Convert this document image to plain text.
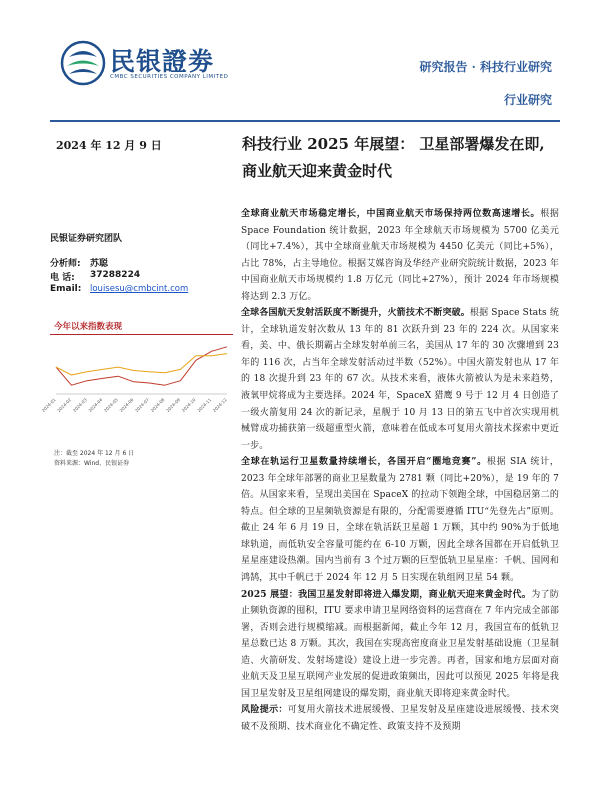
民银證劵
CMBC SECURITIES COMPANY LIMITED
研究报告 · 科技行业研究
行业研究
2024 年 12 月 9 日	科技行业 2025 年展望： 卫星部署爆发在即,
商业航天迎来黄金时代
民银证券研究团队
分析师:	苏聪
电 话:	37288224
Email:	louisesu@cmbcint.com
今年以来指数表现
2024-01 2024-02 2024-03 2024-04 2024-05 2024-06 2024-07 2024-08 2024-09 2024-10 2024-11 2024-12
注：截至 2024 年 12 月 6 日
资料来源：Wind、民银证券

全球商业航天市场稳定增长，中国商业航天市场保持两位数高速增长。根据 Space Foundation 统计数据，2023 年全球航天市场规模为 5700 亿美元（同比+7.4%），其中全球商业航天市场规模为 4450 亿美元（同比+5%），占比 78%，占主导地位。根据艾媒咨询及华经产业研究院统计数据，2023 年中国商业航天市场规模约 1.8 万亿元（同比+27%），预计 2024 年市场规模将达到 2.3 万亿。

全球各国航天发射活跃度不断提升，火箭技术不断突破。根据 Space Stats 统计，全球轨道发射次数从 13 年的 81 次跃升到 23 年的 224 次。从国家来看，美、中、俄长期霸占全球发射单前三名，美国从 17 年的 30 次骤增到 23 年的 116 次，占当年全球发射活动过半数（52%）。中国火箭发射也从 17 年的 18 次提升到 23 年的 67 次。从技术来看，液体火箭被认为是未来趋势，液氧甲烷将成为主要选择。2024 年，SpaceX 猎鹰 9 号于 12 月 4 日创造了一级火箭复用 24 次的新记录，星舰于 10 月 13 日的第五飞中首次实现用机械臂成功捕获第一级超重型火箭，意味着在低成本可复用火箭技术探索中更近一步。

全球在轨运行卫星数量持续增长，各国开启“圈地竞赛”。根据 SIA 统计，2023 年全球年部署的商业卫星数量为 2781 颗（同比+20%），是 19 年的 7 倍。从国家来看，呈现出美国在 SpaceX 的拉动下领跑全球，中国稳居第二的特点。但全球的卫星频轨资源是有限的，分配需要遵循 ITU“先登先占”原则。截止 24 年 6 月 19 日，全球在轨活跃卫星超 1 万颗，其中约 90%为于低地球轨道，而低轨安全容量可能约在 6-10 万颗，因此全球各国都在开启低轨卫星星座建设热潮。国内当前有 3 个过万颗的巨型低轨卫星星座：千帆、国网和鸿鹄，其中千帆已于 2024 年 12 月 5 日实现在轨组网卫星 54 颗。

2025 展望：我国卫星发射即将进入爆发期，商业航天迎来黄金时代。为了防止频轨资源的囤积，ITU 要求申请卫星网络资料的运营商在 7 年内完成全部部署，否则会进行规模缩减。而根据新闻，截止今年 12 月，我国宣布的低轨卫星总数已达 8 万颗。其次，我国在实现高密度商业卫星发射基础设施（卫星制造、火箭研发、发射场建设）建设上进一步完善。再者，国家和地方层面对商业航天及卫星互联网产业发展的促进政策频出，因此可以预见 2025 年将是我国卫星发射及卫星组网建设的爆发期，商业航天即将迎来黄金时代。

风险提示：可复用火箭技术进展缓慢、卫星发射及星座建设进展缓慢、技术突破不及预期、技术商业化不确定性、政策支持不及预期
